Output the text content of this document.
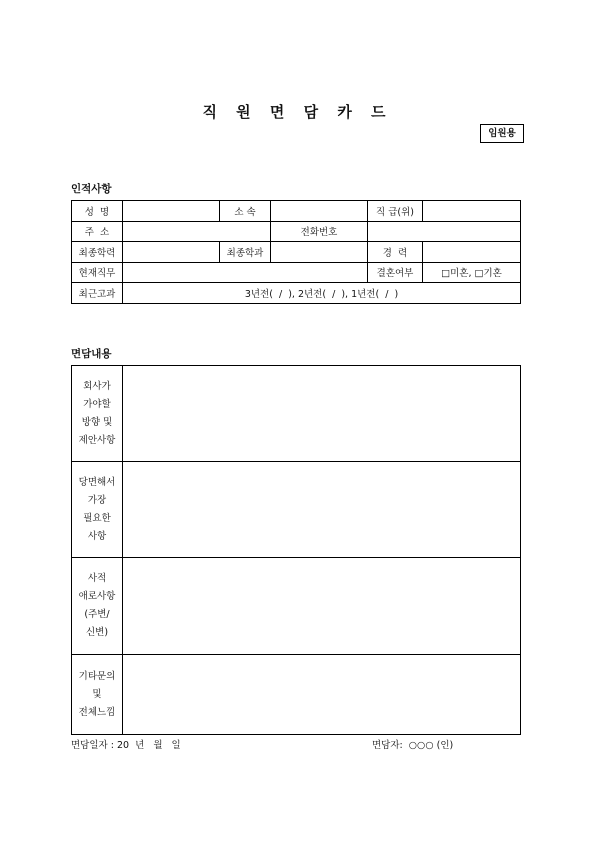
직 원 면 담 카 드
임원용
인적사항
성  명		소 속		직 급(위)	
주  소			전화번호		
최종학력		최종학과		경  력	
현재직무				결혼여부	□미혼, □기혼
최근고과	3년전(  /  ), 2년전(  /  ), 1년전(  /  )				
면담내용
회사가
가야할
방향 및
제안사항	

당면해서
가장
필요한
사항	

사적
애로사항
(주변/
신변)	

기타문의
및
전체느낌	

면담일자 : 20  년   월   일	면담자:  ○○○ (인)
